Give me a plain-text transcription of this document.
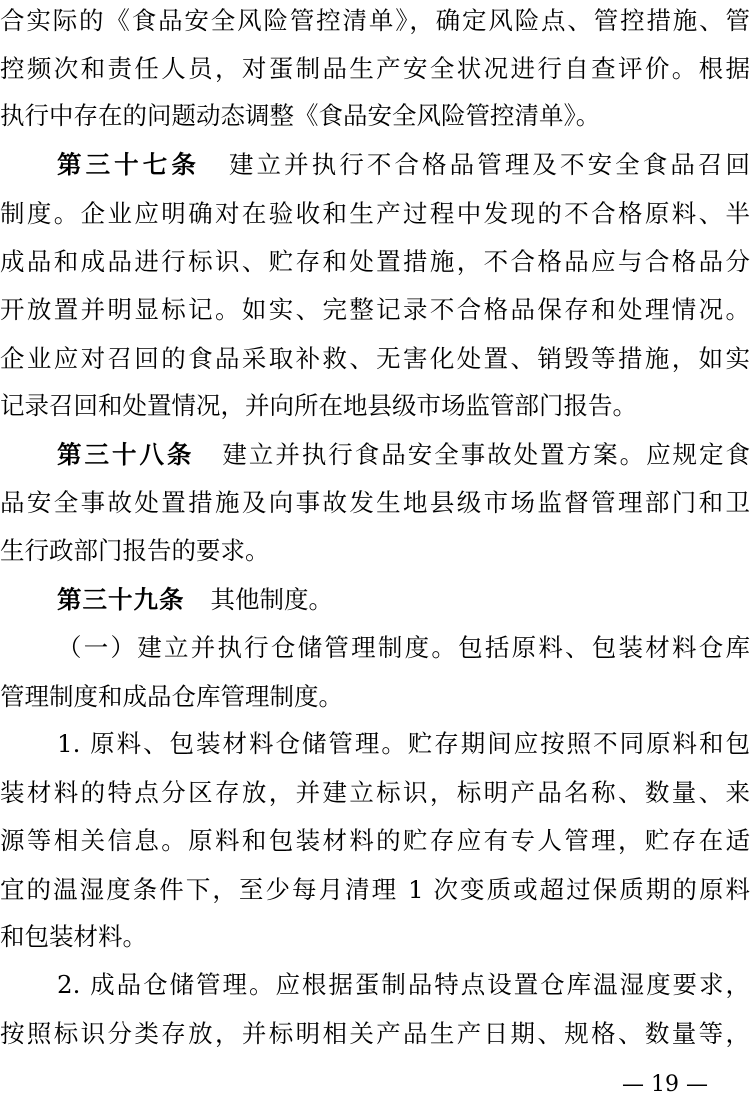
合实际的《食品安全风险管控清单》，确定风险点、管控措施、管
控频次和责任人员，对蛋制品生产安全状况进行自查评价。根据
执行中存在的问题动态调整《食品安全风险管控清单》。
第三十七条 建立并执行不合格品管理及不安全食品召回
制度。企业应明确对在验收和生产过程中发现的不合格原料、半
成品和成品进行标识、贮存和处置措施，不合格品应与合格品分
开放置并明显标记。如实、完整记录不合格品保存和处理情况。
企业应对召回的食品采取补救、无害化处置、销毁等措施，如实
记录召回和处置情况，并向所在地县级市场监管部门报告。
第三十八条 建立并执行食品安全事故处置方案。应规定食
品安全事故处置措施及向事故发生地县级市场监督管理部门和卫
生行政部门报告的要求。
第三十九条 其他制度。
（一）建立并执行仓储管理制度。包括原料、包装材料仓库
管理制度和成品仓库管理制度。
1. 原料、包装材料仓储管理。贮存期间应按照不同原料和包
装材料的特点分区存放，并建立标识，标明产品名称、数量、来
源等相关信息。原料和包装材料的贮存应有专人管理，贮存在适
宜的温湿度条件下，至少每月清理 1 次变质或超过保质期的原料
和包装材料。
2. 成品仓储管理。应根据蛋制品特点设置仓库温湿度要求，
按照标识分类存放，并标明相关产品生产日期、规格、数量等，
— 19 —
